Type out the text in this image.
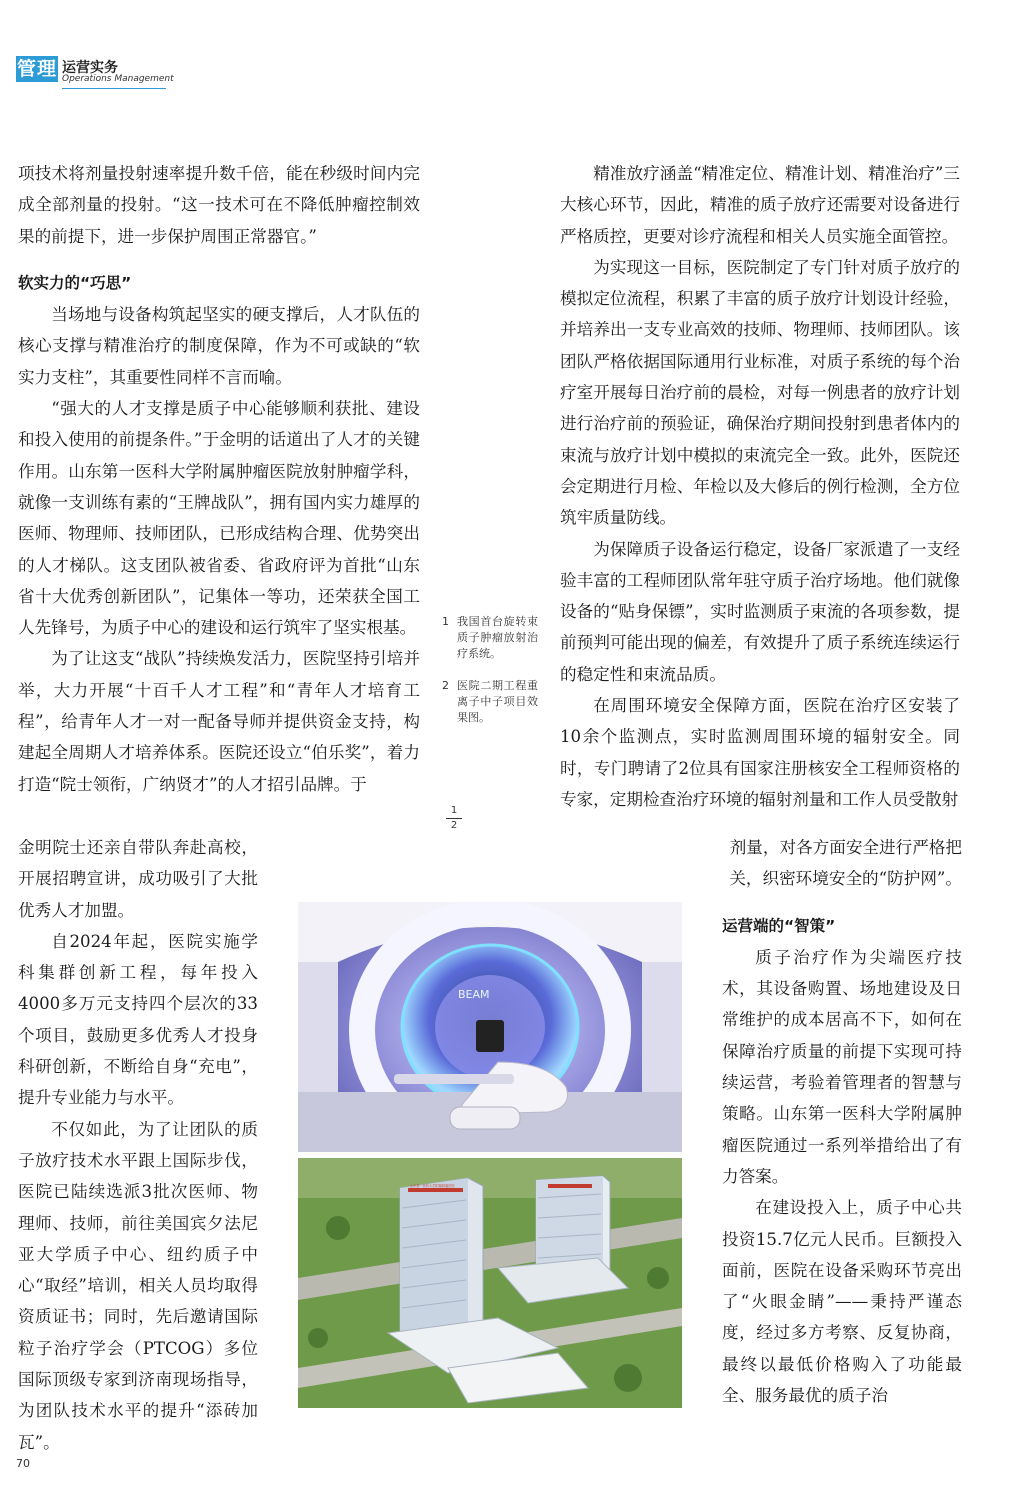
管理 运营实务
Operations Management

项技术将剂量投射速率提升数千倍，能在秒级时间内完成全部剂量的投射。“这一技术可在不降低肿瘤控制效果的前提下，进一步保护周围正常器官。”

软实力的“巧思”

当场地与设备构筑起坚实的硬支撑后，人才队伍的核心支撑与精准治疗的制度保障，作为不可或缺的“软实力支柱”，其重要性同样不言而喻。

“强大的人才支撑是质子中心能够顺利获批、建设和投入使用的前提条件。”于金明的话道出了人才的关键作用。山东第一医科大学附属肿瘤医院放射肿瘤学科，就像一支训练有素的“王牌战队”，拥有国内实力雄厚的医师、物理师、技师团队，已形成结构合理、优势突出的人才梯队。这支团队被省委、省政府评为首批“山东省十大优秀创新团队”，记集体一等功，还荣获全国工人先锋号，为质子中心的建设和运行筑牢了坚实根基。

为了让这支“战队”持续焕发活力，医院坚持引培并举，大力开展“十百千人才工程”和“青年人才培育工程”，给青年人才一对一配备导师并提供资金支持，构建起全周期人才培养体系。医院还设立“伯乐奖”，着力打造“院士领衔，广纳贤才”的人才招引品牌。于

金明院士还亲自带队奔赴高校，开展招聘宣讲，成功吸引了大批优秀人才加盟。

自2024年起，医院实施学科集群创新工程，每年投入4000多万元支持四个层次的33个项目，鼓励更多优秀人才投身科研创新，不断给自身“充电”，提升专业能力与水平。

不仅如此，为了让团队的质子放疗技术水平跟上国际步伐，医院已陆续选派3批次医师、物理师、技师，前往美国宾夕法尼亚大学质子中心、纽约质子中心“取经”培训，相关人员均取得资质证书；同时，先后邀请国际粒子治疗学会（PTCOG）多位国际顶级专家到济南现场指导，为团队技术水平的提升“添砖加瓦”。

1 我国首台旋转束质子肿瘤放射治疗系统。
2 医院二期工程重离子中子项目效果图。
1
2

精准放疗涵盖“精准定位、精准计划、精准治疗”三大核心环节，因此，精准的质子放疗还需要对设备进行严格质控，更要对诊疗流程和相关人员实施全面管控。

为实现这一目标，医院制定了专门针对质子放疗的模拟定位流程，积累了丰富的质子放疗计划设计经验，并培养出一支专业高效的技师、物理师、技师团队。该团队严格依据国际通用行业标准，对质子系统的每个治疗室开展每日治疗前的晨检，对每一例患者的放疗计划进行治疗前的预验证，确保治疗期间投射到患者体内的束流与放疗计划中模拟的束流完全一致。此外，医院还会定期进行月检、年检以及大修后的例行检测，全方位筑牢质量防线。

为保障质子设备运行稳定，设备厂家派遣了一支经验丰富的工程师团队常年驻守质子治疗场地。他们就像设备的“贴身保镖”，实时监测质子束流的各项参数，提前预判可能出现的偏差，有效提升了质子系统连续运行的稳定性和束流品质。

在周围环境安全保障方面，医院在治疗区安装了10余个监测点，实时监测周围环境的辐射安全。同时，专门聘请了2位具有国家注册核安全工程师资格的专家，定期检查治疗环境的辐射剂量和工作人员受散射

剂量，对各方面安全进行严格把关，织密环境安全的“防护网”。

运营端的“智策”

质子治疗作为尖端医疗技术，其设备购置、场地建设及日常维护的成本居高不下，如何在保障治疗质量的前提下实现可持续运营，考验着管理者的智慧与策略。山东第一医科大学附属肿瘤医院通过一系列举措给出了有力答案。

在建设投入上，质子中心共投资15.7亿元人民币。巨额投入面前，医院在设备采购环节亮出了“火眼金睛”——秉持严谨态度，经过多方考察、反复协商，最终以最低价格购入了功能最全、服务最优的质子治

BEAM
山东第一医科大学附属肿瘤医院
70
